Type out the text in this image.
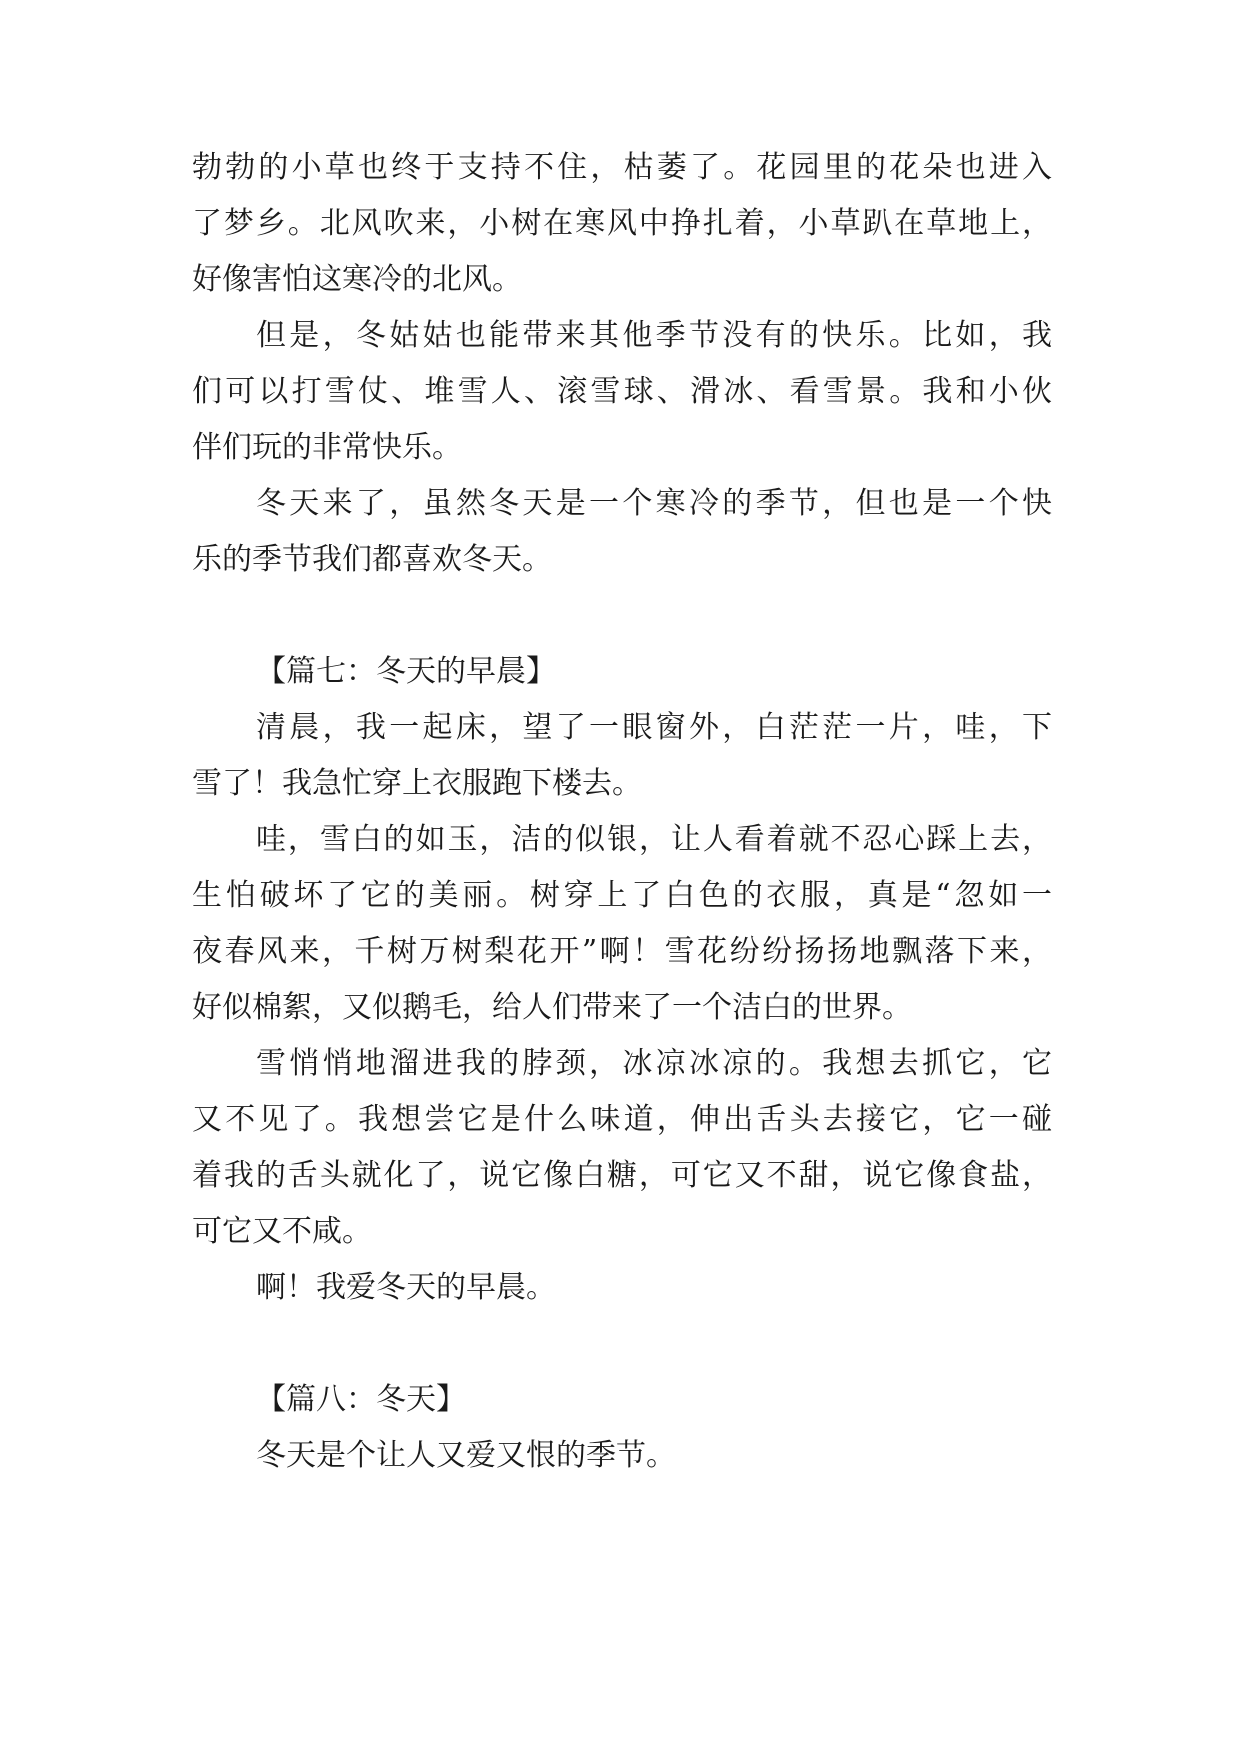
勃勃的小草也终于支持不住，枯萎了。花园里的花朵也进入
了梦乡。北风吹来，小树在寒风中挣扎着，小草趴在草地上，
好像害怕这寒冷的北风。
但是，冬姑姑也能带来其他季节没有的快乐。比如，我
们可以打雪仗、堆雪人、滚雪球、滑冰、看雪景。我和小伙
伴们玩的非常快乐。
冬天来了，虽然冬天是一个寒冷的季节，但也是一个快
乐的季节我们都喜欢冬天。
【篇七：冬天的早晨】
清晨，我一起床，望了一眼窗外，白茫茫一片，哇，下
雪了！我急忙穿上衣服跑下楼去。
哇，雪白的如玉，洁的似银，让人看着就不忍心踩上去，
生怕破坏了它的美丽。树穿上了白色的衣服，真是“忽如一
夜春风来，千树万树梨花开”啊！雪花纷纷扬扬地飘落下来，
好似棉絮，又似鹅毛，给人们带来了一个洁白的世界。
雪悄悄地溜进我的脖颈，冰凉冰凉的。我想去抓它，它
又不见了。我想尝它是什么味道，伸出舌头去接它，它一碰
着我的舌头就化了，说它像白糖，可它又不甜，说它像食盐，
可它又不咸。
啊！我爱冬天的早晨。
【篇八：冬天】
冬天是个让人又爱又恨的季节。
